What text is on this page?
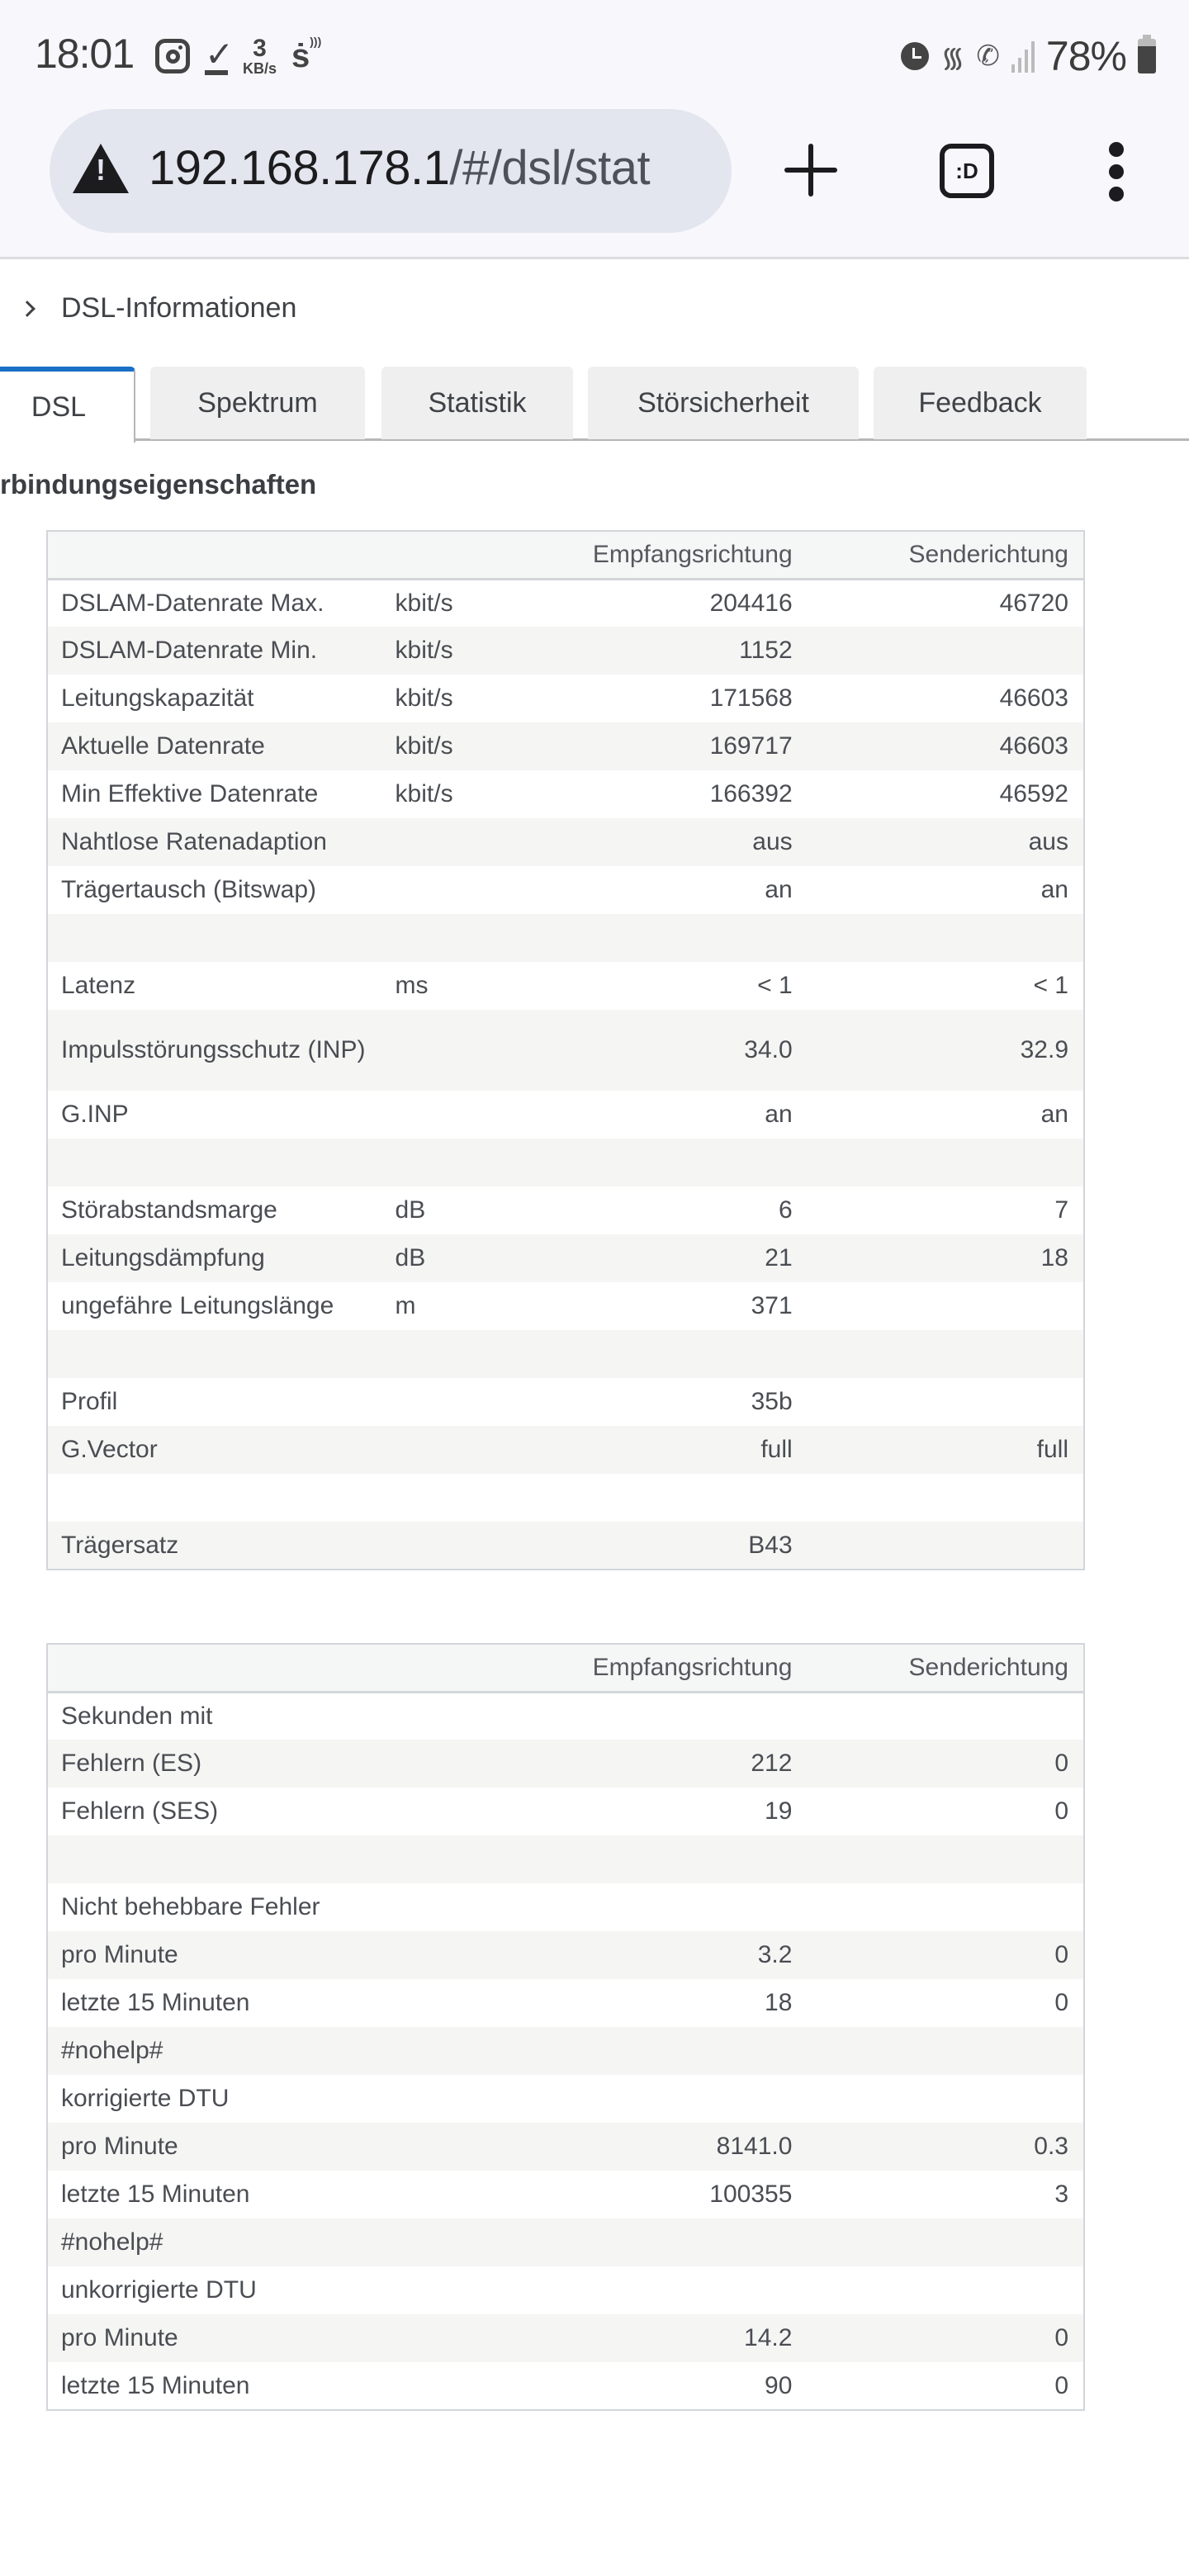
18:01 ✓ 3
KB/s ṡ )))
᯾ ✆ 78%
!
192.168.178.1/#/dsl/stat	:D
DSL-Informationen
DSL	Spektrum	Statistik	Störsicherheit	Feedback
rbindungseigenschaften
		Empfangsrichtung	Senderichtung
DSLAM-Datenrate Max.	kbit/s	204416	46720
DSLAM-Datenrate Min.	kbit/s	1152	
Leitungskapazität	kbit/s	171568	46603
Aktuelle Datenrate	kbit/s	169717	46603
Min Effektive Datenrate	kbit/s	166392	46592
Nahtlose Ratenadaption		aus	aus
Trägertausch (Bitswap)		an	an

Latenz	ms	< 1	< 1
Impulsstörungsschutz (INP)		34.0	32.9
G.INP		an	an

Störabstandsmarge	dB	6	7
Leitungsdämpfung	dB	21	18
ungefähre Leitungslänge	m	371	

Profil		35b	
G.Vector		full	full

Trägersatz		B43	
	Empfangsrichtung	Senderichtung
Sekunden mit		
Fehlern (ES)	212	0
Fehlern (SES)	19	0

Nicht behebbare Fehler		
pro Minute	3.2	0
letzte 15 Minuten	18	0
#nohelp#		
korrigierte DTU		
pro Minute	8141.0	0.3
letzte 15 Minuten	100355	3
#nohelp#		
unkorrigierte DTU		
pro Minute	14.2	0
letzte 15 Minuten	90	0
